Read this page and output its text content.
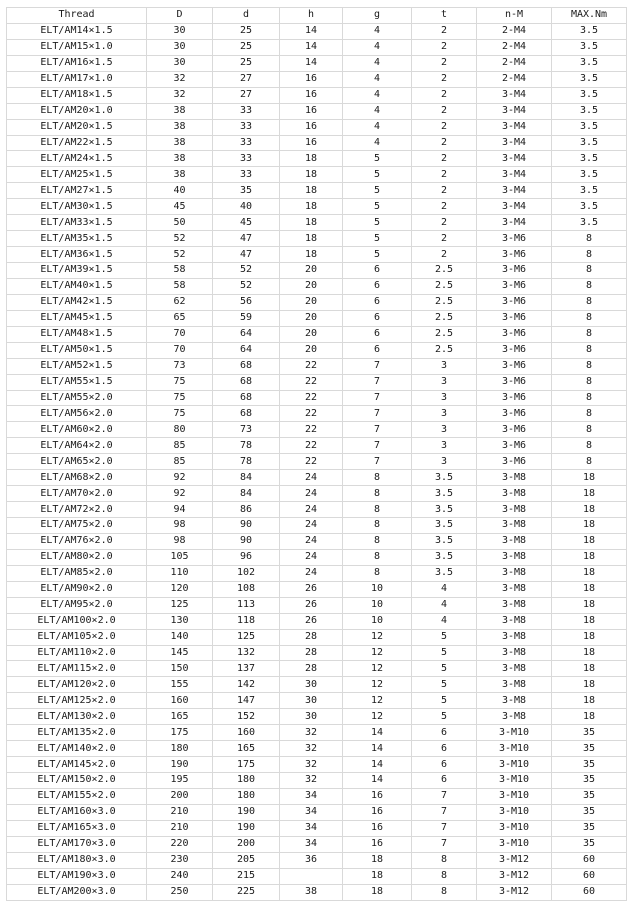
Thread	D	d	h	g	t	n-M	MAX.Nm
ELT/AM14×1.5	30	25	14	4	2	2-M4	3.5
ELT/AM15×1.0	30	25	14	4	2	2-M4	3.5
ELT/AM16×1.5	30	25	14	4	2	2-M4	3.5
ELT/AM17×1.0	32	27	16	4	2	2-M4	3.5
ELT/AM18×1.5	32	27	16	4	2	3-M4	3.5
ELT/AM20×1.0	38	33	16	4	2	3-M4	3.5
ELT/AM20×1.5	38	33	16	4	2	3-M4	3.5
ELT/AM22×1.5	38	33	16	4	2	3-M4	3.5
ELT/AM24×1.5	38	33	18	5	2	3-M4	3.5
ELT/AM25×1.5	38	33	18	5	2	3-M4	3.5
ELT/AM27×1.5	40	35	18	5	2	3-M4	3.5
ELT/AM30×1.5	45	40	18	5	2	3-M4	3.5
ELT/AM33×1.5	50	45	18	5	2	3-M4	3.5
ELT/AM35×1.5	52	47	18	5	2	3-M6	8
ELT/AM36×1.5	52	47	18	5	2	3-M6	8
ELT/AM39×1.5	58	52	20	6	2.5	3-M6	8
ELT/AM40×1.5	58	52	20	6	2.5	3-M6	8
ELT/AM42×1.5	62	56	20	6	2.5	3-M6	8
ELT/AM45×1.5	65	59	20	6	2.5	3-M6	8
ELT/AM48×1.5	70	64	20	6	2.5	3-M6	8
ELT/AM50×1.5	70	64	20	6	2.5	3-M6	8
ELT/AM52×1.5	73	68	22	7	3	3-M6	8
ELT/AM55×1.5	75	68	22	7	3	3-M6	8
ELT/AM55×2.0	75	68	22	7	3	3-M6	8
ELT/AM56×2.0	75	68	22	7	3	3-M6	8
ELT/AM60×2.0	80	73	22	7	3	3-M6	8
ELT/AM64×2.0	85	78	22	7	3	3-M6	8
ELT/AM65×2.0	85	78	22	7	3	3-M6	8
ELT/AM68×2.0	92	84	24	8	3.5	3-M8	18
ELT/AM70×2.0	92	84	24	8	3.5	3-M8	18
ELT/AM72×2.0	94	86	24	8	3.5	3-M8	18
ELT/AM75×2.0	98	90	24	8	3.5	3-M8	18
ELT/AM76×2.0	98	90	24	8	3.5	3-M8	18
ELT/AM80×2.0	105	96	24	8	3.5	3-M8	18
ELT/AM85×2.0	110	102	24	8	3.5	3-M8	18
ELT/AM90×2.0	120	108	26	10	4	3-M8	18
ELT/AM95×2.0	125	113	26	10	4	3-M8	18
ELT/AM100×2.0	130	118	26	10	4	3-M8	18
ELT/AM105×2.0	140	125	28	12	5	3-M8	18
ELT/AM110×2.0	145	132	28	12	5	3-M8	18
ELT/AM115×2.0	150	137	28	12	5	3-M8	18
ELT/AM120×2.0	155	142	30	12	5	3-M8	18
ELT/AM125×2.0	160	147	30	12	5	3-M8	18
ELT/AM130×2.0	165	152	30	12	5	3-M8	18
ELT/AM135×2.0	175	160	32	14	6	3-M10	35
ELT/AM140×2.0	180	165	32	14	6	3-M10	35
ELT/AM145×2.0	190	175	32	14	6	3-M10	35
ELT/AM150×2.0	195	180	32	14	6	3-M10	35
ELT/AM155×2.0	200	180	34	16	7	3-M10	35
ELT/AM160×3.0	210	190	34	16	7	3-M10	35
ELT/AM165×3.0	210	190	34	16	7	3-M10	35
ELT/AM170×3.0	220	200	34	16	7	3-M10	35
ELT/AM180×3.0	230	205	36	18	8	3-M12	60
ELT/AM190×3.0	240	215		18	8	3-M12	60
ELT/AM200×3.0	250	225	38	18	8	3-M12	60
